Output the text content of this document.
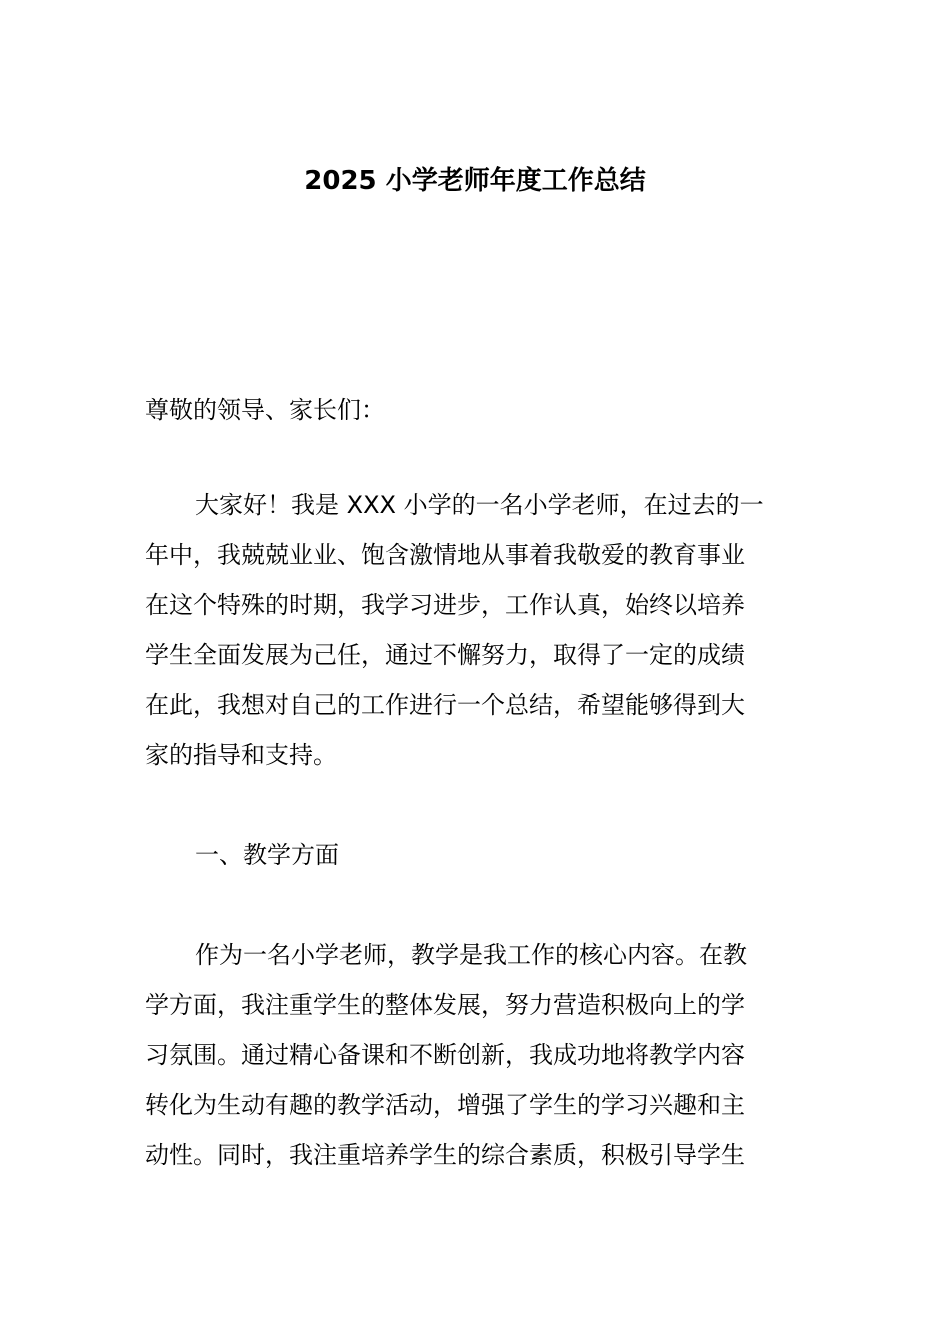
2025 小学老师年度工作总结
尊敬的领导、家长们：
大家好！我是 XXX 小学的一名小学老师，在过去的一
年中，我兢兢业业、饱含激情地从事着我敬爱的教育事业
在这个特殊的时期，我学习进步，工作认真，始终以培养
学生全面发展为己任，通过不懈努力，取得了一定的成绩
在此，我想对自己的工作进行一个总结，希望能够得到大
家的指导和支持。
一、教学方面
作为一名小学老师，教学是我工作的核心内容。在教
学方面，我注重学生的整体发展，努力营造积极向上的学
习氛围。通过精心备课和不断创新，我成功地将教学内容
转化为生动有趣的教学活动，增强了学生的学习兴趣和主
动性。同时，我注重培养学生的综合素质，积极引导学生
